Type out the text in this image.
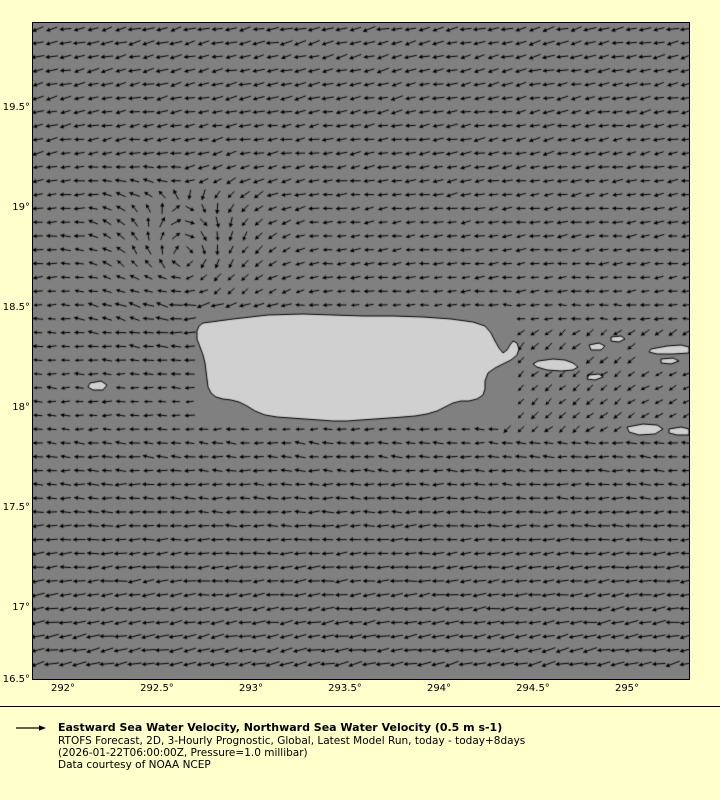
19.5°
19°
18.5°
18°
17.5°
17°
16.5°
292°	292.5°	293°	293.5°	294°	294.5°	295°
Eastward Sea Water Velocity, Northward Sea Water Velocity (0.5 m s-1)
RTOFS Forecast, 2D, 3-Hourly Prognostic, Global, Latest Model Run, today - today+8days
(2026-01-22T06:00:00Z, Pressure=1.0 millibar)
Data courtesy of NOAA NCEP
